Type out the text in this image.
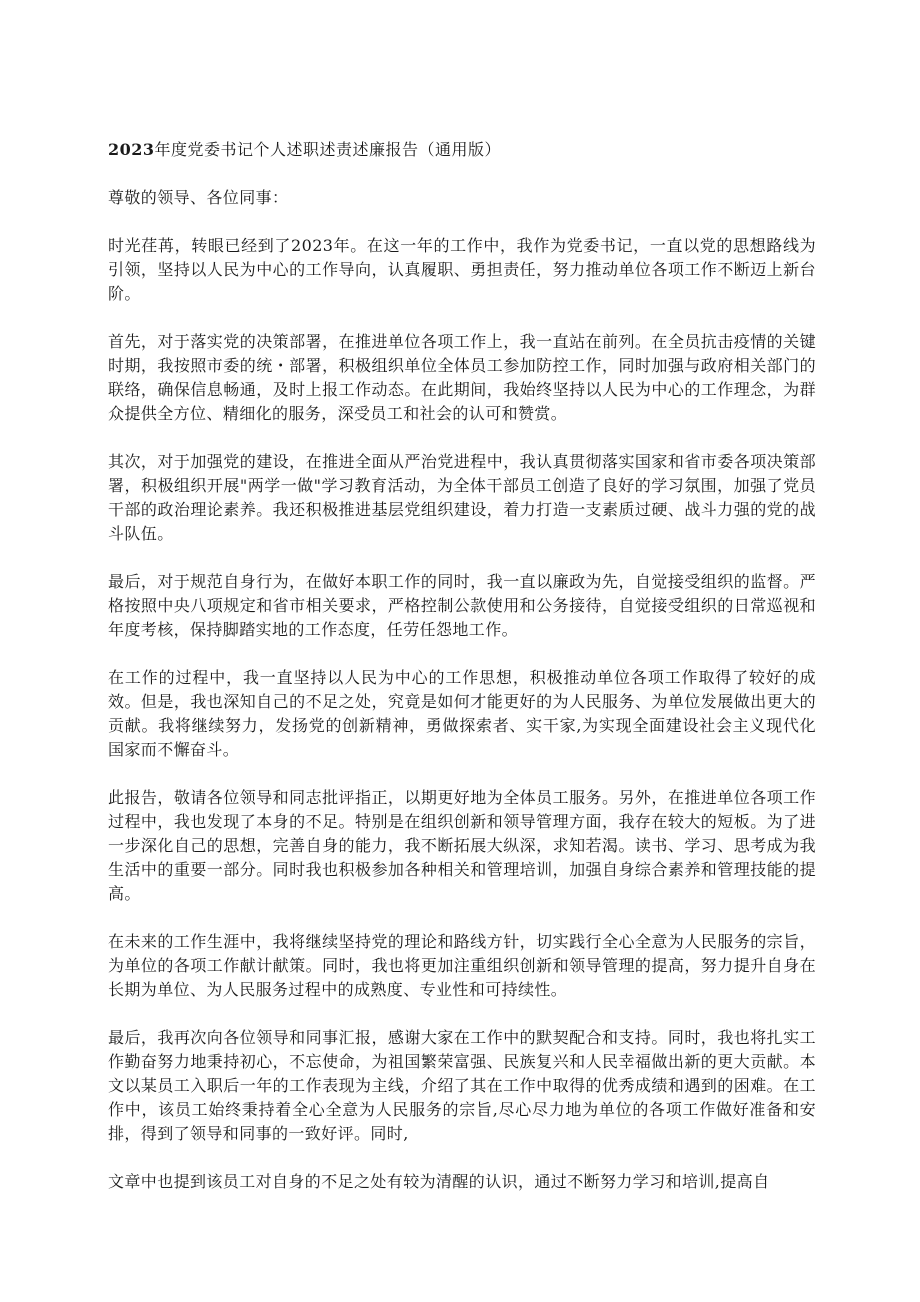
2023年度党委书记个人述职述责述廉报告（通用版）

尊敬的领导、各位同事：

时光荏苒，转眼已经到了2023年。在这一年的工作中，我作为党委书记，一直以党的思想路线为引领，坚持以人民为中心的工作导向，认真履职、勇担责任，努力推动单位各项工作不断迈上新台阶。

首先，对于落实党的决策部署，在推进单位各项工作上，我一直站在前列。在全员抗击疫情的关键时期，我按照市委的统・部署，积极组织单位全体员工参加防控工作，同时加强与政府相关部门的联络，确保信息畅通，及时上报工作动态。在此期间，我始终坚持以人民为中心的工作理念，为群众提供全方位、精细化的服务，深受员工和社会的认可和赞赏。

其次，对于加强党的建设，在推进全面从严治党进程中，我认真贯彻落实国家和省市委各项决策部署，积极组织开展"两学一做"学习教育活动，为全体干部员工创造了良好的学习氛围，加强了党员干部的政治理论素养。我还积极推进基层党组织建设，着力打造一支素质过硬、战斗力强的党的战斗队伍。

最后，对于规范自身行为，在做好本职工作的同时，我一直以廉政为先，自觉接受组织的监督。严格按照中央八项规定和省市相关要求，严格控制公款使用和公务接待，自觉接受组织的日常巡视和年度考核，保持脚踏实地的工作态度，任劳任怨地工作。

在工作的过程中，我一直坚持以人民为中心的工作思想，积极推动单位各项工作取得了较好的成效。但是，我也深知自己的不足之处，究竟是如何才能更好的为人民服务、为单位发展做出更大的贡献。我将继续努力，发扬党的创新精神，勇做探索者、实干家,为实现全面建设社会主义现代化国家而不懈奋斗。

此报告，敬请各位领导和同志批评指正，以期更好地为全体员工服务。另外，在推进单位各项工作过程中，我也发现了本身的不足。特别是在组织创新和领导管理方面，我存在较大的短板。为了进一步深化自己的思想，完善自身的能力，我不断拓展大纵深，求知若渴。读书、学习、思考成为我生活中的重要一部分。同时我也积极参加各种相关和管理培训，加强自身综合素养和管理技能的提高。

在未来的工作生涯中，我将继续坚持党的理论和路线方针，切实践行全心全意为人民服务的宗旨，为单位的各项工作献计献策。同时，我也将更加注重组织创新和领导管理的提高，努力提升自身在长期为单位、为人民服务过程中的成熟度、专业性和可持续性。

最后，我再次向各位领导和同事汇报，感谢大家在工作中的默契配合和支持。同时，我也将扎实工作勤奋努力地秉持初心，不忘使命，为祖国繁荣富强、民族复兴和人民幸福做出新的更大贡献。本文以某员工入职后一年的工作表现为主线，介绍了其在工作中取得的优秀成绩和遇到的困难。在工作中，该员工始终秉持着全心全意为人民服务的宗旨,尽心尽力地为单位的各项工作做好准备和安排，得到了领导和同事的一致好评。同时,

文章中也提到该员工对自身的不足之处有较为清醒的认识，通过不断努力学习和培训,提高自
